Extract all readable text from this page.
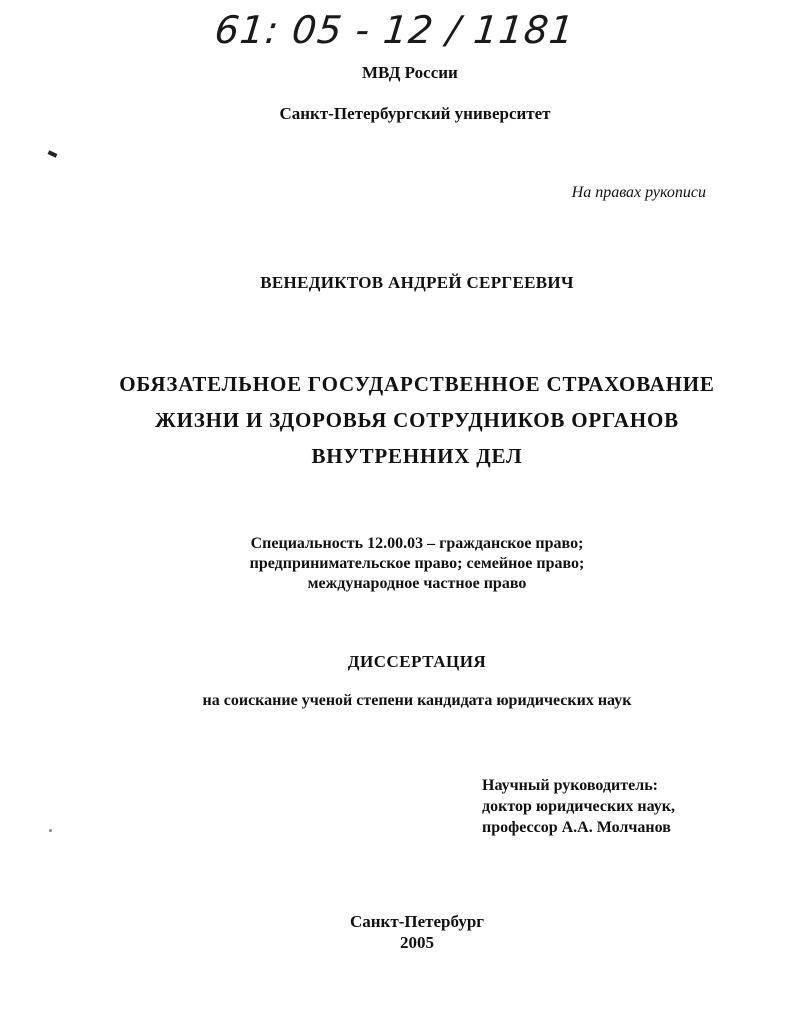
61: 05 - 12 / 1181
МВД России
Санкт-Петербургский университет
На правах рукописи
ВЕНЕДИКТОВ АНДРЕЙ СЕРГЕЕВИЧ
ОБЯЗАТЕЛЬНОЕ ГОСУДАРСТВЕННОЕ СТРАХОВАНИЕ
ЖИЗНИ И ЗДОРОВЬЯ СОТРУДНИКОВ ОРГАНОВ
ВНУТРЕННИХ ДЕЛ
Специальность 12.00.03 – гражданское право;
предпринимательское право; семейное право;
международное частное право
ДИССЕРТАЦИЯ
на соискание ученой степени кандидата юридических наук
Научный руководитель:
доктор юридических наук,
профессор А.А. Молчанов
Санкт-Петербург
2005
